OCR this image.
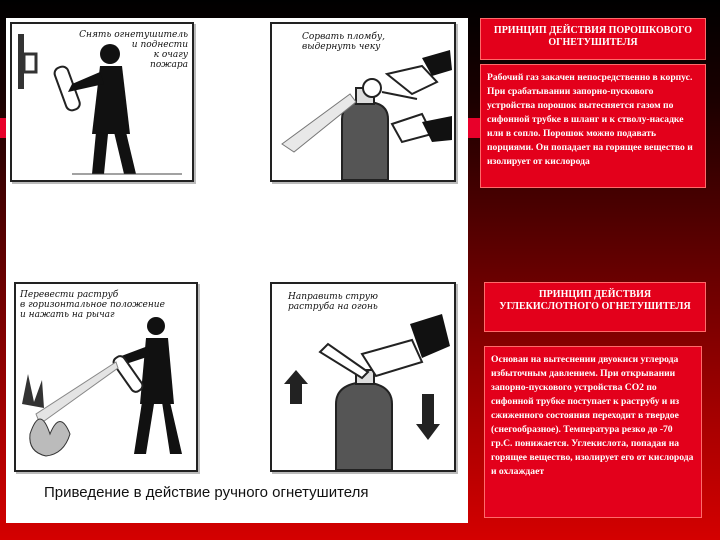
Снять огнетушитель
и поднести
к очагу
пожара
Сорвать пломбу,
выдернуть чеку
Перевести раструб
в горизонтальное положение
и нажать на рычаг
Направить струю
раструба на огонь
Приведение в действие ручного огнетушителя
ПРИНЦИП ДЕЙСТВИЯ ПОРОШКОВОГО ОГНЕТУШИТЕЛЯ
Рабочий газ закачен непосредственно в корпус. При срабатывании запорно-пускового устройства порошок вытесняется газом по сифонной трубке в шланг и к стволу-насадке или в сопло. Порошок можно подавать порциями. Он попадает на горящее вещество и изолирует от кислорода
ПРИНЦИП ДЕЙСТВИЯ УГЛЕКИСЛОТНОГО ОГНЕТУШИТЕЛЯ
Основан на вытеснении двуокиси углерода избыточным давлением. При открывании запорно-пускового устройства СО2 по сифонной трубке поступает к раструбу и из сжиженного состояния переходит в твердое (снегообразное). Температура резко до -70 гр.С. понижается. Углекислота, попадая на горящее вещество, изолирует его от кислорода и охлаждает
